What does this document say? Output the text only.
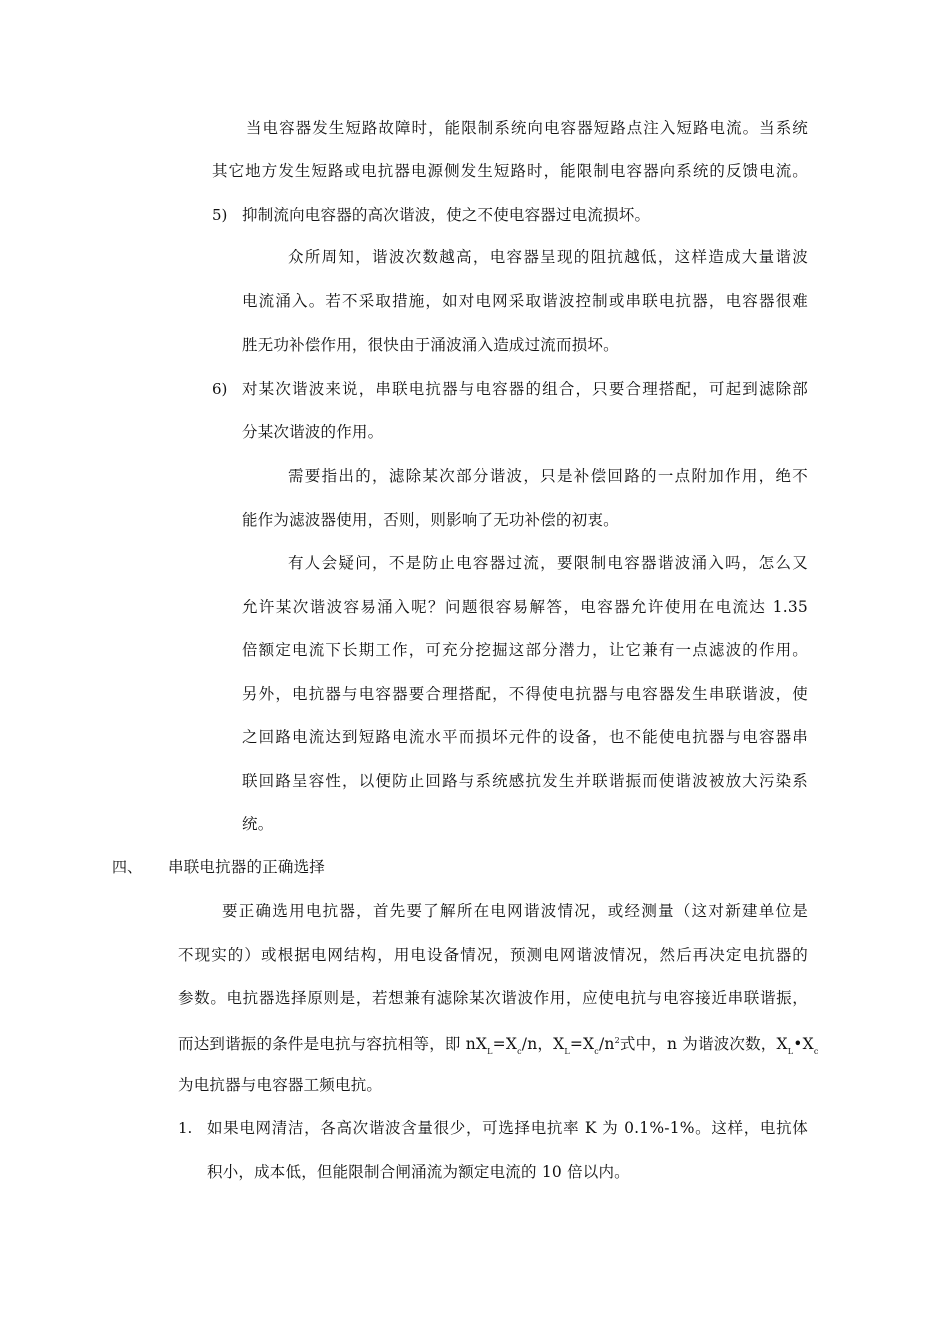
当电容器发生短路故障时，能限制系统向电容器短路点注入短路电流。当系统
其它地方发生短路或电抗器电源侧发生短路时，能限制电容器向系统的反馈电流。
5) 抑制流向电容器的高次谐波，使之不使电容器过电流损坏。
众所周知，谐波次数越高，电容器呈现的阻抗越低，这样造成大量谐波
电流涌入。若不采取措施，如对电网采取谐波控制或串联电抗器，电容器很难
胜无功补偿作用，很快由于涌波涌入造成过流而损坏。
6) 对某次谐波来说，串联电抗器与电容器的组合，只要合理搭配，可起到滤除部
分某次谐波的作用。
需要指出的，滤除某次部分谐波，只是补偿回路的一点附加作用，绝不
能作为滤波器使用，否则，则影响了无功补偿的初衷。
有人会疑问，不是防止电容器过流，要限制电容器谐波涌入吗，怎么又
允许某次谐波容易涌入呢？问题很容易解答，电容器允许使用在电流达 1.35
倍额定电流下长期工作，可充分挖掘这部分潜力，让它兼有一点滤波的作用。
另外，电抗器与电容器要合理搭配，不得使电抗器与电容器发生串联谐波，使
之回路电流达到短路电流水平而损坏元件的设备，也不能使电抗器与电容器串
联回路呈容性，以便防止回路与系统感抗发生并联谐振而使谐波被放大污染系
统。
四、 串联电抗器的正确选择
要正确选用电抗器，首先要了解所在电网谐波情况，或经测量（这对新建单位是
不现实的）或根据电网结构，用电设备情况，预测电网谐波情况，然后再决定电抗器的
参数。电抗器选择原则是，若想兼有滤除某次谐波作用，应使电抗与电容接近串联谐振，
而达到谐振的条件是电抗与容抗相等，即 $nX_L=X_c/n$，$X_L=X_c/n^2$式中，n 为谐波次数，$X_L•X_c$
为电抗器与电容器工频电抗。
1. 如果电网清洁，各高次谐波含量很少，可选择电抗率 K 为 0.1%-1%。这样，电抗体
积小，成本低，但能限制合闸涌流为额定电流的 10 倍以内。
